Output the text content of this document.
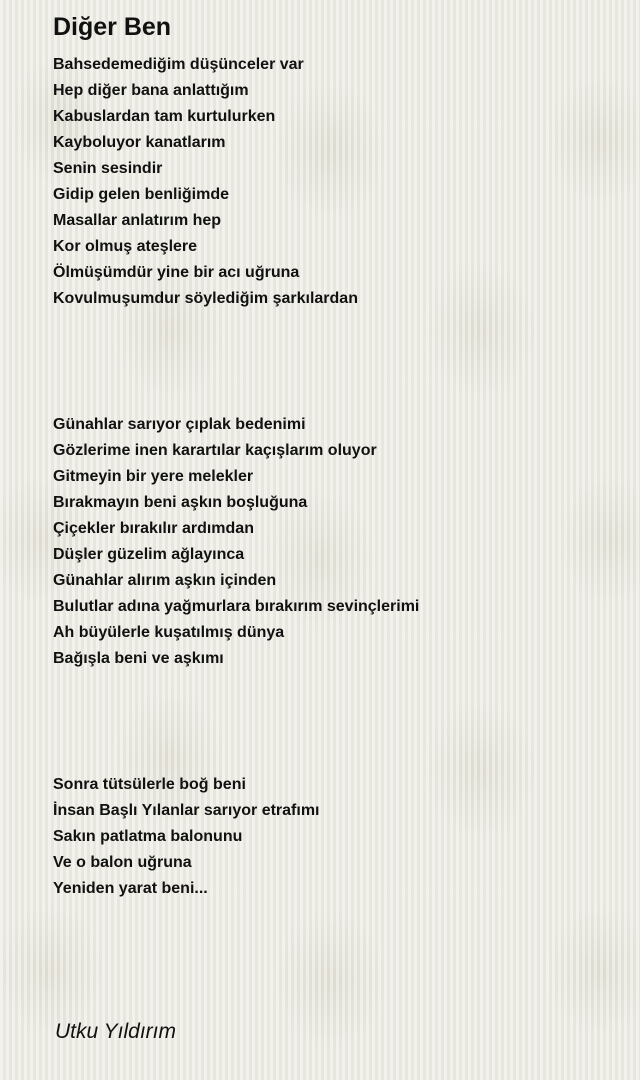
Diğer Ben
Bahsedemediğim düşünceler var
Hep diğer bana anlattığım
Kabuslardan tam kurtulurken
Kayboluyor kanatlarım
Senin sesindir
Gidip gelen benliğimde
Masallar anlatırım hep
Kor olmuş ateşlere
Ölmüşümdür yine bir acı uğruna
Kovulmuşumdur söylediğim şarkılardan
Günahlar sarıyor çıplak bedenimi
Gözlerime inen karartılar kaçışlarım oluyor
Gitmeyin bir yere melekler
Bırakmayın beni aşkın boşluğuna
Çiçekler bırakılır ardımdan
Düşler güzelim ağlayınca
Günahlar alırım aşkın içinden
Bulutlar adına yağmurlara bırakırım sevinçlerimi
Ah büyülerle kuşatılmış dünya
Bağışla beni ve aşkımı
Sonra tütsülerle boğ beni
İnsan Başlı Yılanlar sarıyor etrafımı
Sakın patlatma balonunu
Ve o balon uğruna
Yeniden yarat beni...

Utku Yıldırım
